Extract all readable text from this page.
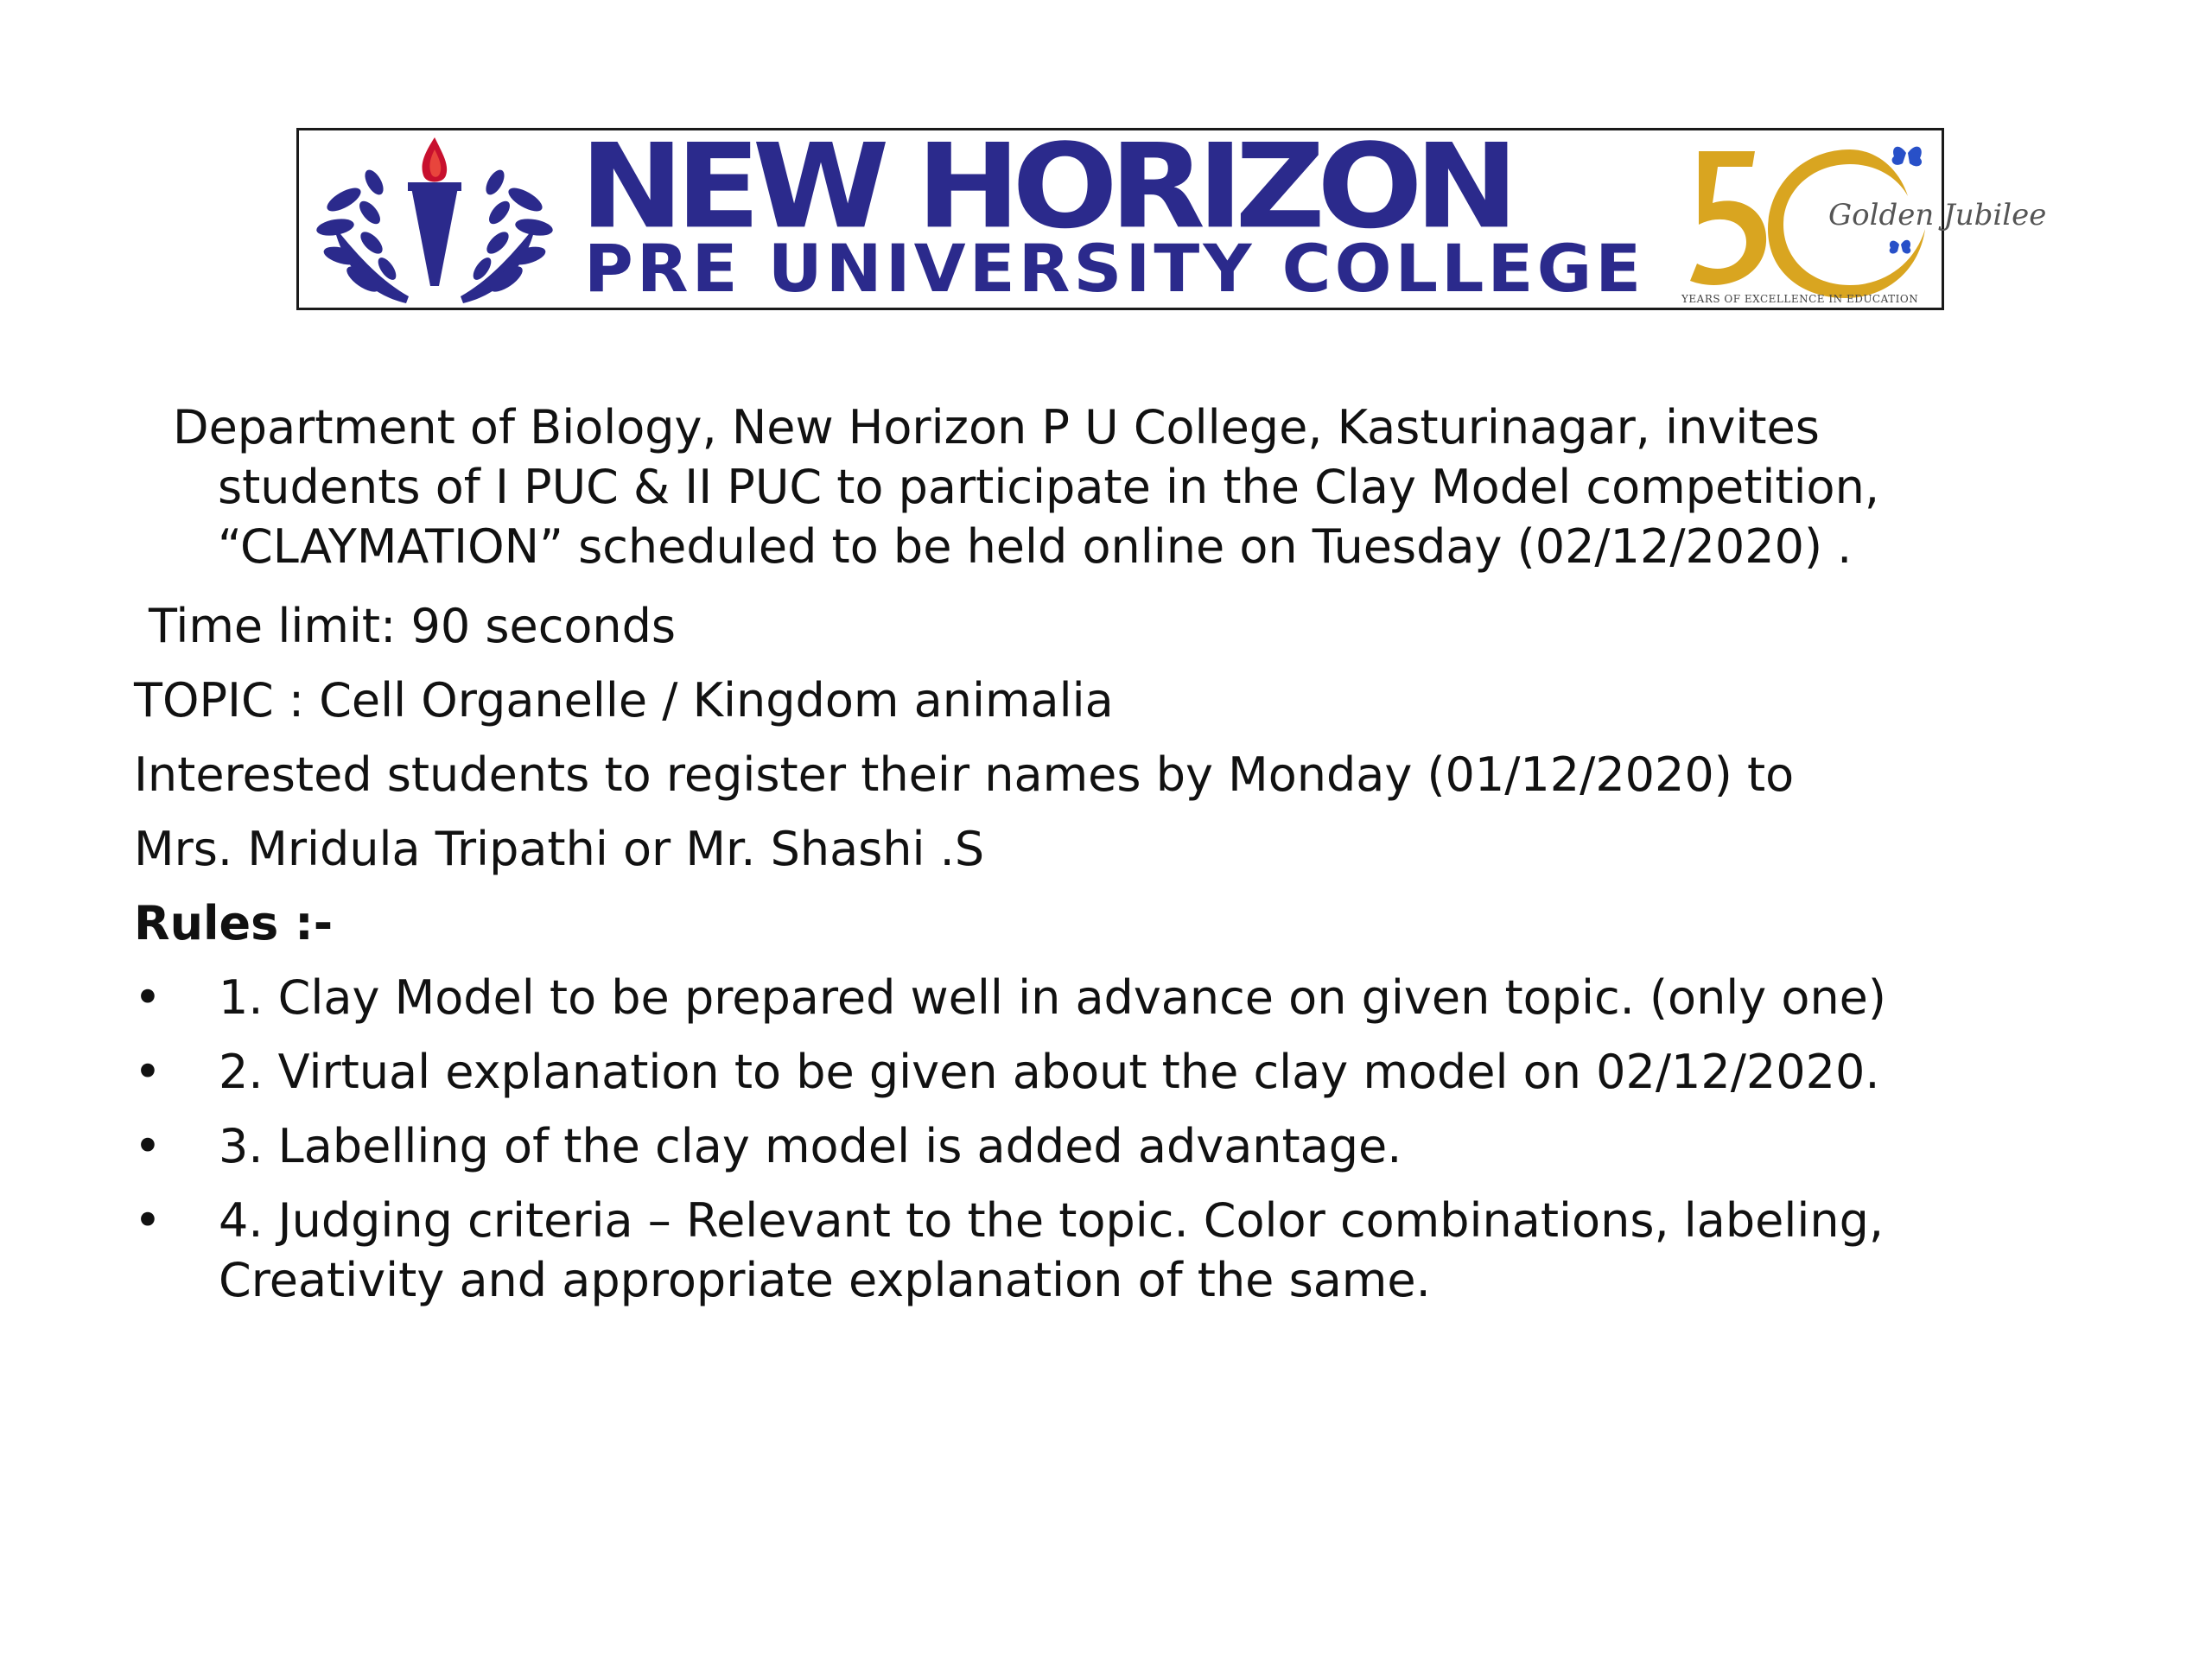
NEW HORIZON
PRE UNIVERSITY COLLEGE
Golden Jubilee
YEARS OF EXCELLENCE IN EDUCATION
Department of Biology, New Horizon P U College, Kasturinagar, invites
students of I PUC & II PUC to participate in the Clay Model competition,
“CLAYMATION” scheduled to be held online on Tuesday (02/12/2020) .
Time limit: 90 seconds
TOPIC : Cell Organelle / Kingdom animalia
Interested students to register their names by Monday (01/12/2020) to
Mrs. Mridula Tripathi or Mr. Shashi .S
Rules :-
•	1. Clay Model to be prepared well in advance on given topic. (only one)
•	2. Virtual explanation to be given about the clay model on 02/12/2020.
•	3. Labelling of the clay model is added advantage.
•	4. Judging criteria – Relevant to the topic. Color combinations, labeling,
Creativity and appropriate explanation of the same.
